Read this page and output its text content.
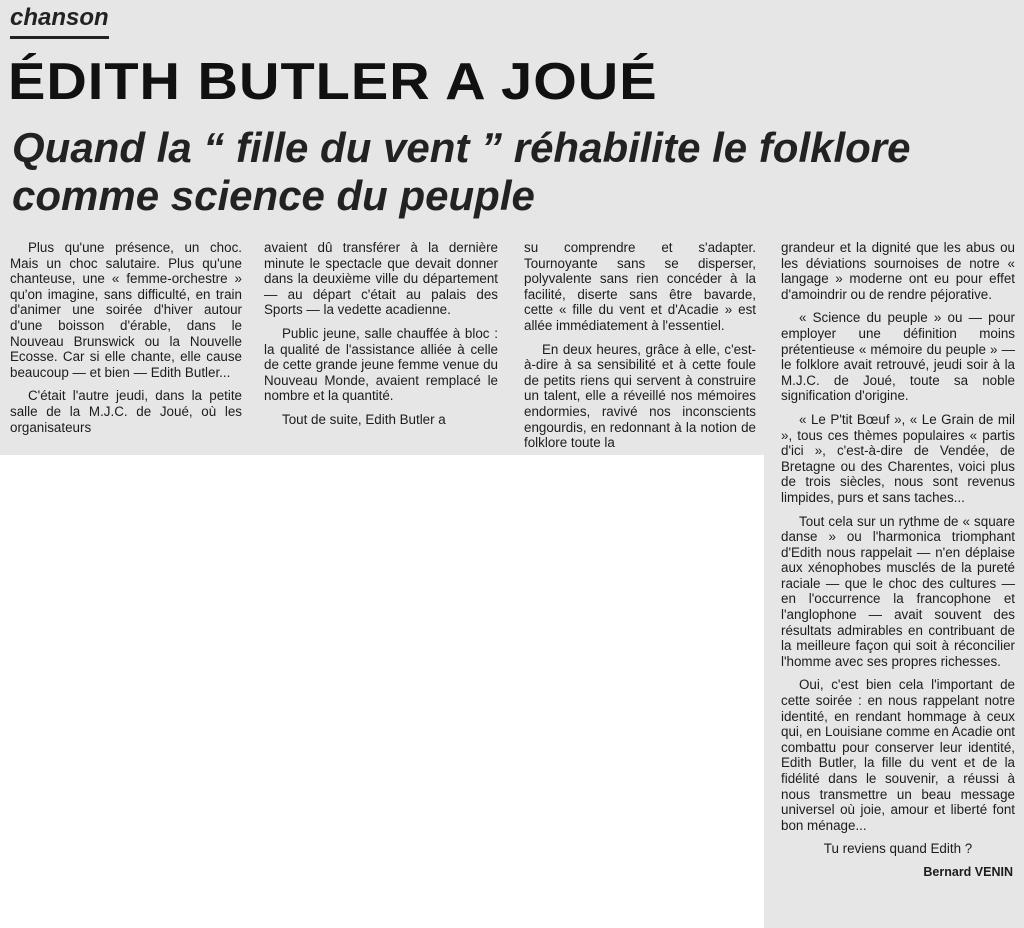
chanson
ÉDITH BUTLER A JOUÉ
Quand la “ fille du vent ” réhabilite le folklore comme science du peuple

Plus qu'une présence, un choc. Mais un choc salutaire. Plus qu'une chanteuse, une « femme-orchestre » qu'on imagine, sans difficulté, en train d'animer une soirée d'hiver autour d'une boisson d'érable, dans le Nouveau Brunswick ou la Nouvelle Ecosse. Car si elle chante, elle cause beaucoup — et bien — Edith Butler...

C'était l'autre jeudi, dans la petite salle de la M.J.C. de Joué, où les organisateurs

avaient dû transférer à la dernière minute le spectacle que devait donner dans la deuxième ville du département — au départ c'était au palais des Sports — la vedette acadienne.

Public jeune, salle chauffée à bloc : la qualité de l'assistance alliée à celle de cette grande jeune femme venue du Nouveau Monde, avaient remplacé le nombre et la quantité.

Tout de suite, Edith Butler a

su comprendre et s'adapter. Tournoyante sans se disperser, polyvalente sans rien concéder à la facilité, diserte sans être bavarde, cette « fille du vent et d'Acadie » est allée immédiatement à l'essentiel.

En deux heures, grâce à elle, c'est-à-dire à sa sensibilité et à cette foule de petits riens qui servent à construire un talent, elle a réveillé nos mémoires endormies, ravivé nos inconscients engourdis, en redonnant à la notion de folklore toute la

grandeur et la dignité que les abus ou les déviations sournoises de notre « langage » moderne ont eu pour effet d'amoindrir ou de rendre péjorative.

« Science du peuple » ou — pour employer une définition moins prétentieuse « mémoire du peuple » — le folklore avait retrouvé, jeudi soir à la M.J.C. de Joué, toute sa noble signification d'origine.

« Le P'tit Bœuf », « Le Grain de mil », tous ces thèmes populaires « partis d'ici », c'est-à-dire de Vendée, de Bretagne ou des Charentes, voici plus de trois siècles, nous sont revenus limpides, purs et sans taches...

Tout cela sur un rythme de « square danse » ou l'harmonica triomphant d'Edith nous rappelait — n'en déplaise aux xénophobes musclés de la pureté raciale — que le choc des cultures — en l'occurrence la francophone et l'anglophone — avait souvent des résultats admirables en contribuant de la meilleure façon qui soit à réconcilier l'homme avec ses propres richesses.

Oui, c'est bien cela l'important de cette soirée : en nous rappelant notre identité, en rendant hommage à ceux qui, en Louisiane comme en Acadie ont combattu pour conserver leur identité, Edith Butler, la fille du vent et de la fidélité dans le souvenir, a réussi à nous transmettre un beau message universel où joie, amour et liberté font bon ménage...

Tu reviens quand Edith ?

Bernard VENIN
